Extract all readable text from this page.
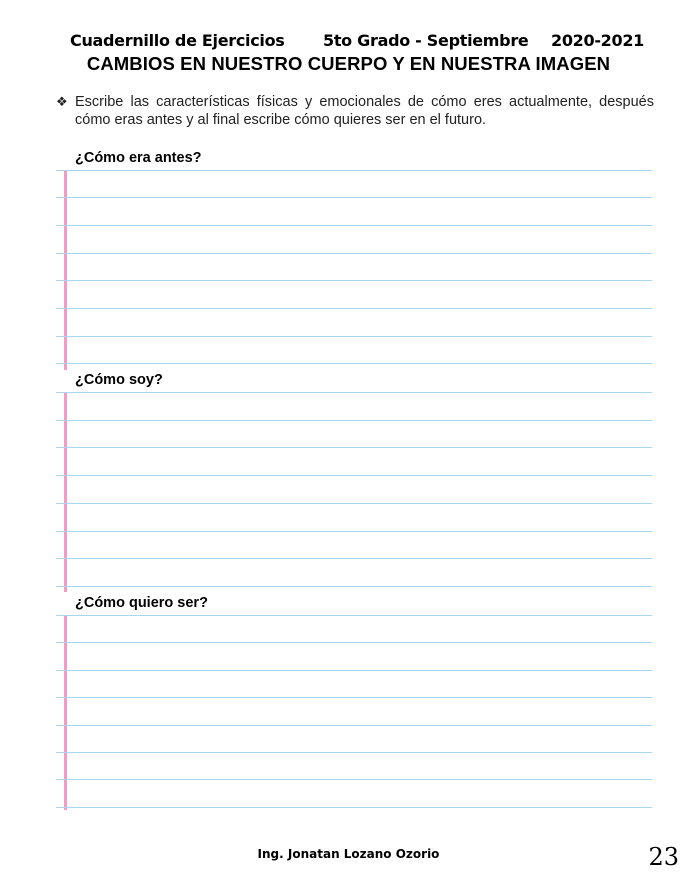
Cuadernillo de Ejercicios 5to Grado - Septiembre 2020-2021
CAMBIOS EN NUESTRO CUERPO Y EN NUESTRA IMAGEN
❖ Escribe las características físicas y emocionales de cómo eres actualmente, después cómo eras antes y al final escribe cómo quieres ser en el futuro.
¿Cómo era antes?
¿Cómo soy?
¿Cómo quiero ser?
Ing. Jonatan Lozano Ozorio	23
